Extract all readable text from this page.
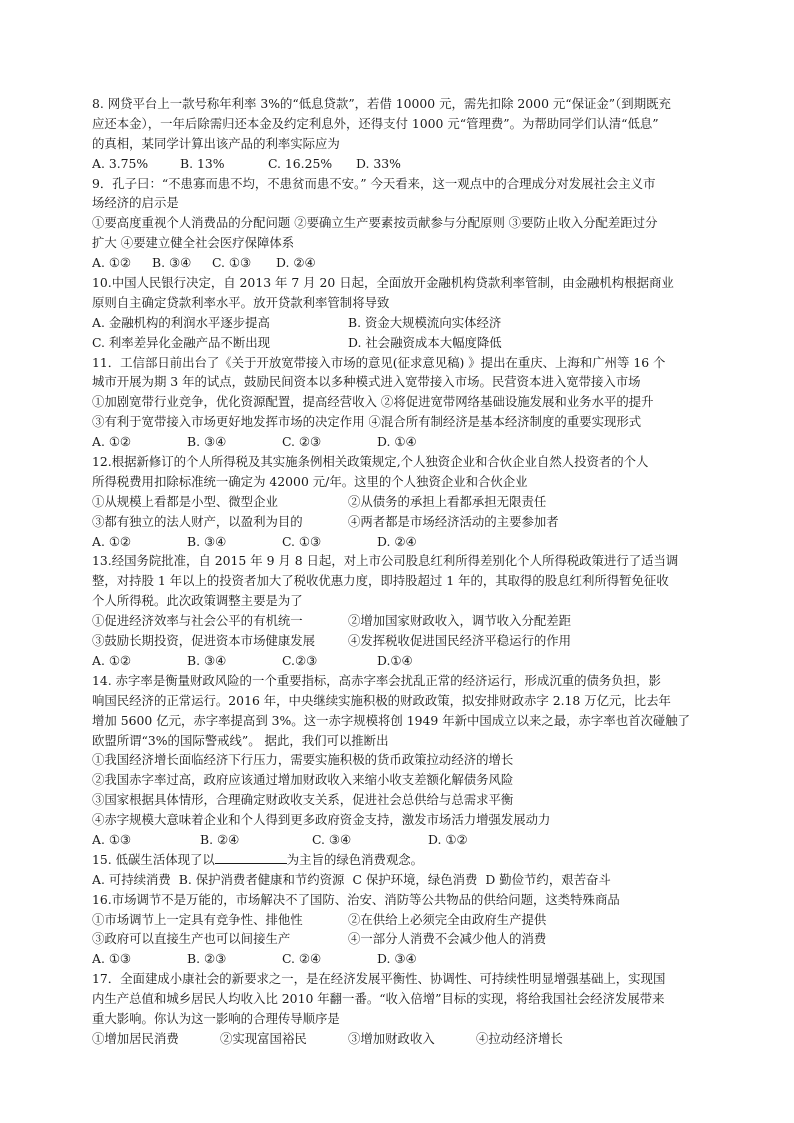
8. 网贷平台上一款号称年利率 3%的“低息贷款”，若借 10000 元，需先扣除 2000 元“保证金”（到期既充
应还本金），一年后除需归还本金及约定利息外，还得支付 1000 元“管理费”。为帮助同学们认清“低息”
的真相，某同学计算出该产品的利率实际应为
A. 3.75%	B. 13%	C. 16.25% D. 33%
9．孔子曰：“不患寡而患不均，不患贫而患不安。” 今天看来，这一观点中的合理成分对发展社会主义市
场经济的启示是
①要高度重视个人消费品的分配问题 ②要确立生产要素按贡献参与分配原则 ③要防止收入分配差距过分
扩大 ④要建立健全社会医疗保障体系
A. ①② B. ③④ C. ①③ D. ②④
10.中国人民银行决定，自 2013 年 7 月 20 日起，全面放开金融机构贷款利率管制，由金融机构根据商业
原则自主确定贷款利率水平。放开贷款利率管制将导致
A. 金融机构的利润水平逐步提高	B. 资金大规模流向实体经济
C. 利率差异化金融产品不断出现	D. 社会融资成本大幅度降低
11．工信部日前出台了《关于开放宽带接入市场的意见(征求意见稿) 》提出在重庆、上海和广州等 16 个
城市开展为期 3 年的试点，鼓励民间资本以多种模式进入宽带接入市场。民营资本进入宽带接入市场
①加剧宽带行业竞争，优化资源配置，提高经营收入 ②将促进宽带网络基础设施发展和业务水平的提升
③有利于宽带接入市场更好地发挥市场的决定作用 ④混合所有制经济是基本经济制度的重要实现形式
A. ①②	B. ③④	C. ②③	D. ①④
12.根据新修订的个人所得税及其实施条例相关政策规定,个人独资企业和合伙企业自然人投资者的个人
所得税费用扣除标准统一确定为 42000 元/年。这里的个人独资企业和合伙企业
①从规模上看都是小型、微型企业	②从债务的承担上看都承担无限责任
③都有独立的法人财产，以盈利为目的	④两者都是市场经济活动的主要参加者
A. ①②	B. ③④	C. ①③	D. ②④
13.经国务院批准，自 2015 年 9 月 8 日起，对上市公司股息红利所得差别化个人所得税政策进行了适当调
整，对持股 1 年以上的投资者加大了税收优惠力度，即持股超过 1 年的，其取得的股息红利所得暂免征收
个人所得税。此次政策调整主要是为了
①促进经济效率与社会公平的有机统一	②增加国家财政收入，调节收入分配差距
③鼓励长期投资，促进资本市场健康发展	④发挥税收促进国民经济平稳运行的作用
A. ①②	B. ③④	C.②③	D.①④
14. 赤字率是衡量财政风险的一个重要指标，高赤字率会扰乱正常的经济运行，形成沉重的债务负担，影
响国民经济的正常运行。2016 年，中央继续实施积极的财政政策，拟安排财政赤字 2.18 万亿元，比去年
增加 5600 亿元，赤字率提高到 3%。这一赤字规模将创 1949 年新中国成立以来之最，赤字率也首次碰触了
欧盟所谓“3%的国际警戒线”。 据此，我们可以推断出
①我国经济增长面临经济下行压力，需要实施积极的货币政策拉动经济的增长
②我国赤字率过高，政府应该通过增加财政收入来缩小收支差额化解债务风险
③国家根据具体情形，合理确定财政收支关系，促进社会总供给与总需求平衡
④赤字规模大意味着企业和个人得到更多政府资金支持，激发市场活力增强发展动力
A. ①③	B. ②④	C. ③④	D. ①②
15. 低碳生活体现了以	为主旨的绿色消费观念。
A. 可持续消费 B. 保护消费者健康和节约资源 C 保护环境，绿色消费 D 勤俭节约，艰苦奋斗
16.市场调节不是万能的，市场解决不了国防、治安、消防等公共物品的供给问题，这类特殊商品
①市场调节上一定具有竞争性、排他性	②在供给上必须完全由政府生产提供
③政府可以直接生产也可以间接生产	④一部分人消费不会减少他人的消费
A. ①③	B. ②③	C. ②④	D. ③④
17．全面建成小康社会的新要求之一，是在经济发展平衡性、协调性、可持续性明显增强基础上，实现国
内生产总值和城乡居民人均收入比 2010 年翻一番。“收入倍增”目标的实现，将给我国社会经济发展带来
重大影响。你认为这一影响的合理传导顺序是
①增加居民消费	②实现富国裕民	③增加财政收入	④拉动经济增长
